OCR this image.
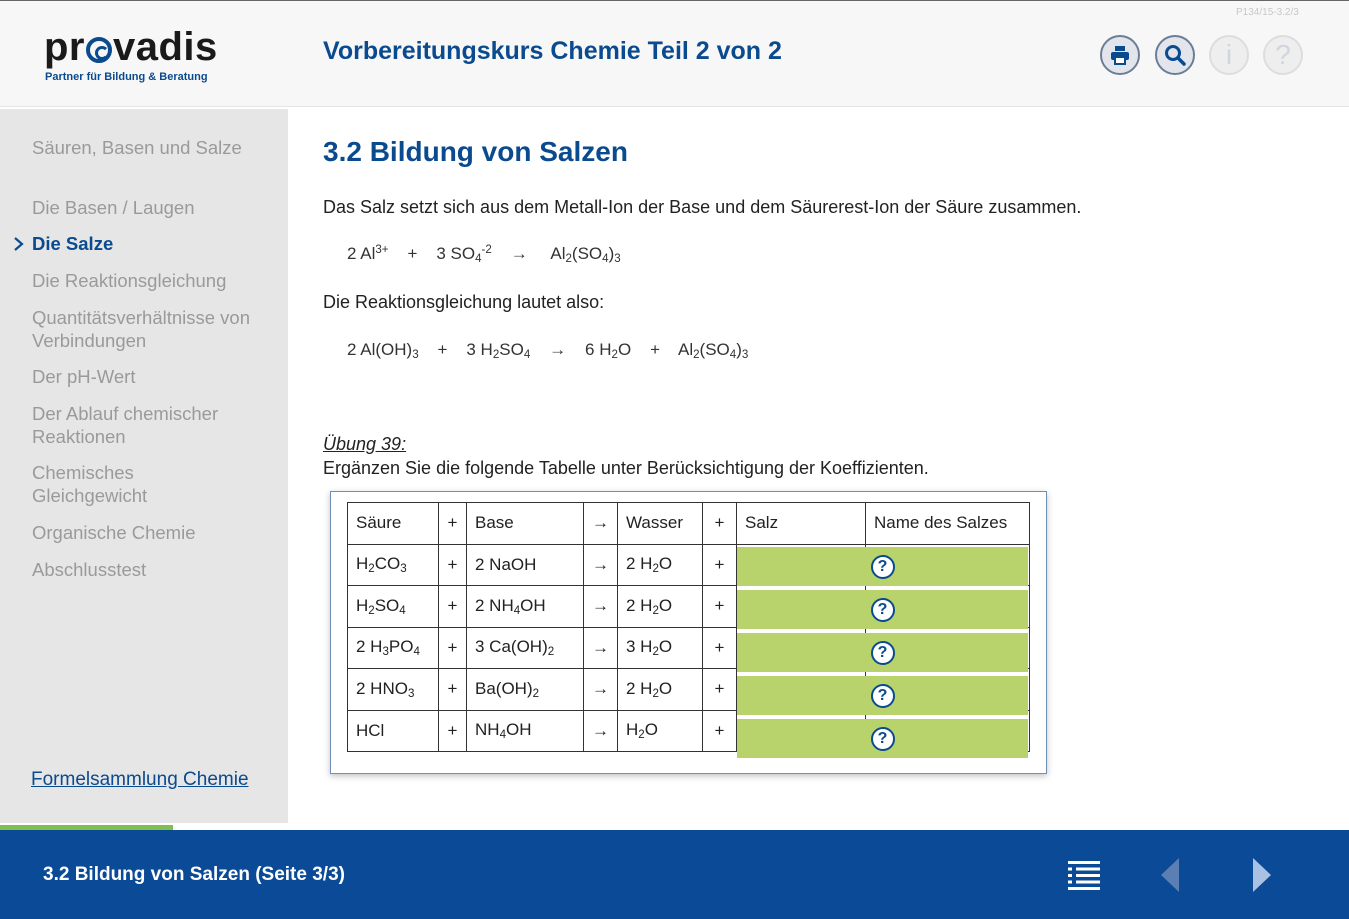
pr vadis
Partner für Bildung & Beratung
Vorbereitungskurs Chemie Teil 2 von 2
P134/15-3.2/3
i ?
Säuren, Basen und Salze
Die Basen / Laugen
Die Salze
Die Reaktionsgleichung
Quantitätsverhältnisse von Verbindungen
Der pH-Wert
Der Ablauf chemischer Reaktionen
Chemisches Gleichgewicht
Organische Chemie
Abschlusstest
Formelsammlung Chemie
3.2 Bildung von Salzen
Das Salz setzt sich aus dem Metall-Ion der Base und dem Säurerest-Ion der Säure zusammen.
2 $Al^{3+} + 3$ $SO_4^{-2} \to Al_2(SO_4)_3$
Die Reaktionsgleichung lautet also:
2 $Al(OH)_3 + 3$ $H_2SO_4 \to 6$ $H_2O + Al_2(SO_4)_3$
Übung 39:
Ergänzen Sie die folgende Tabelle unter Berücksichtigung der Koeffizienten.
Säure	+	Base	→	Wasser	+	Salz	Name des Salzes
$H_2CO_3$	+	2 NaOH	→	2 $H_2O$	+		
$H_2SO_4$	+	2 $NH_4OH$	→	2 $H_2O$	+		
2 $H_3PO_4$	+	3 $Ca(OH)_2$	→	3 $H_2O$	+		
2 $HNO_3$	+	$Ba(OH)_2$	→	2 $H_2O$	+		
HCl	+	$NH_4OH$	→	$H_2O$	+		
?
?
?
?
?
3.2 Bildung von Salzen (Seite 3/3)
